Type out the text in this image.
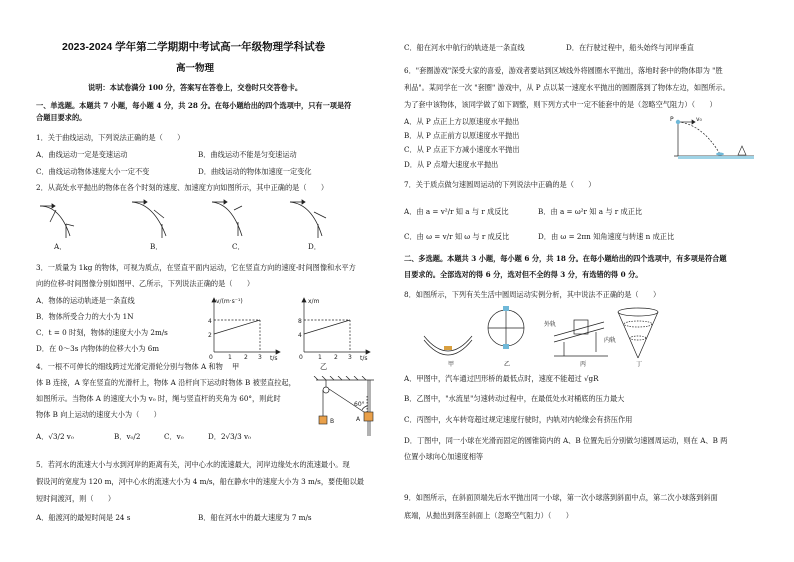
2023-2024 学年第二学期期中考试高一年级物理学科试卷
高一物理
说明：本试卷满分 100 分，答案写在答卷上，交卷时只交答卷卡。
一、单选题。本题共 7 小题，每小题 4 分，共 28 分。在每小题给出的四个选项中，只有一项是符
合题目要求的。
1．关于曲线运动，下列说法正确的是（　　）
A．曲线运动一定是变速运动	B．曲线运动不能是匀变速运动
C．曲线运动物体速度大小一定不变	D．曲线运动的物体加速度一定变化
2．从高处水平抛出的物体在各个时刻的速度、加速度方向如图所示，其中正确的是（　　）
A．	B．	C．	D．
3．一质量为 1kg 的物体，可视为质点，在竖直平面内运动，它在竖直方向的速度-时间图像和水平方
向的位移-时间图像分别如图甲、乙所示，下列说法正确的是（　　）
A．物体的运动轨迹是一条直线
B．物体所受合力的大小为 1N
C．t = 0 时刻，物体的速度大小为 2m/s
D．在 0～3s 内物体的位移大小为 6m
v/(m·s⁻¹)
t/s
2
4
0	1 2 3
x/m
t/s
4
8
0	1 2 3
甲	乙
4．一根不可伸长的细线跨过光滑定滑轮分别与物体 A 和物
体 B 连接，A 穿在竖直的光滑杆上，物体 A 沿杆向下运动时物体 B 被竖直拉起，
如图所示。当物体 A 的速度大小为 v₀ 时，绳与竖直杆的夹角为 60°，则此时
物体 B 向上运动的速度大小为（　　）
B	A
60°
A．√3/2 v₀	B．v₀/2	C．v₀	D．2√3/3 v₀
5．若河水的流速大小与水到河岸的距离有关，河中心水的流速最大，河岸边缘处水的流速最小。现
假设河的宽度为 120 m，河中心水的流速大小为 4 m/s，船在静水中的速度大小为 3 m/s，要使船以最
短时间渡河，则（　　）
A．船渡河的最短时间是 24 s	B．船在河水中的最大速度为 7 m/s
C．船在河水中航行的轨迹是一条直线	D．在行驶过程中，船头始终与河岸垂直
6．"套圈游戏"深受大家的喜爱，游戏者要站到区域线外将圆圈水平抛出，落地时套中的物体即为 "胜
利品"。某同学在一次 "套圈" 游戏中，从 P 点以某一速度水平抛出的圆圈落到了物体左边，如图所示。
为了套中该物体，该同学做了如下调整，则下列方式中一定不能套中的是（忽略空气阻力）（　　）
A．从 P 点正上方以原速度水平抛出
B．从 P 点正前方以原速度水平抛出
C．从 P 点正下方减小速度水平抛出
D．从 P 点增大速度水平抛出
P	v₀
7．关于质点做匀速圆周运动的下列说法中正确的是（　　）
A．由 a = v²/r 知 a 与 r 成反比	B．由 a = ω²r 知 a 与 r 成正比
C．由 ω = v/r 知 ω 与 r 成反比	D．由 ω = 2πn 知角速度与转速 n 成正比
二、多选题。本题共 3 小题，每小题 6 分，共 18 分。在每小题给出的四个选项中，有多项是符合题
目要求的。全部选对的得 6 分，选对但不全的得 3 分，有选错的得 0 分。
8．如图所示，下列有关生活中圆周运动实例分析，其中说法不正确的是（　　）
外轨
内轨
甲	乙	丙	丁
A．甲图中，汽车通过凹形桥的最低点时，速度不能超过 √gR
B．乙图中，"水流星"匀速转动过程中，在最低处水对桶底的压力最大
C．丙图中，火车转弯超过规定速度行驶时，内轨对内轮缘会有挤压作用
D．丁图中，同一小球在光滑而固定的圆锥筒内的 A、B 位置先后分别做匀速圆周运动，则在 A、B 两
位置小球向心加速度相等
9．如图所示，在斜面顶端先后水平抛出同一小球，第一次小球落到斜面中点，第二次小球落到斜面
底端，从抛出到落至斜面上（忽略空气阻力）（　　）
